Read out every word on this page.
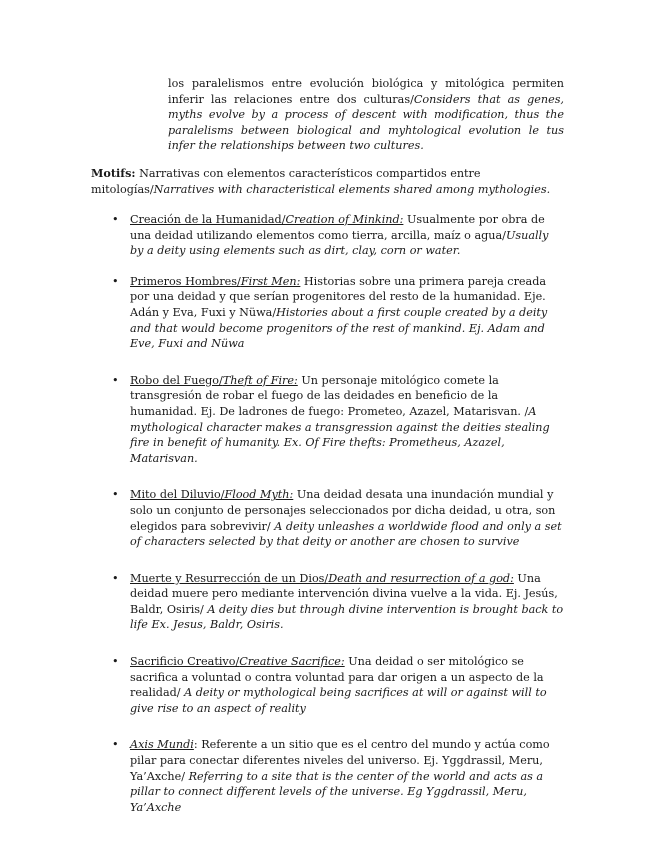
los paralelismos entre evolución biológica y mitológica permiten inferir las relaciones entre dos culturas/Considers that as genes, myths evolve by a process of descent with modification, thus the paralelisms between biological and myhtological evolution le tus infer the relationships between two cultures.

Motifs: Narrativas con elementos característicos compartidos entre mitologías/Narratives with characteristical elements shared among mythologies.

• Creación de la Humanidad/Creation of Minkind: Usualmente por obra de una deidad utilizando elementos como tierra, arcilla, maíz o agua/Usually by a deity using elements such as dirt, clay, corn or water.
• Primeros Hombres/First Men: Historias sobre una primera pareja creada por una deidad y que serían progenitores del resto de la humanidad. Eje. Adán y Eva, Fuxi y Nüwa/Histories about a first couple created by a deity and that would become progenitors of the rest of mankind. Ej. Adam and Eve, Fuxi and Nüwa
• Robo del Fuego/Theft of Fire: Un personaje mitológico comete la transgresión de robar el fuego de las deidades en beneficio de la humanidad. Ej. De ladrones de fuego: Prometeo, Azazel, Matarisvan. /A mythological character makes a transgression against the deities stealing fire in benefit of humanity. Ex. Of Fire thefts: Prometheus, Azazel, Matarisvan.
• Mito del Diluvio/Flood Myth: Una deidad desata una inundación mundial y solo un conjunto de personajes seleccionados por dicha deidad, u otra, son elegidos para sobrevivir/ A deity unleashes a worldwide flood and only a set of characters selected by that deity or another are chosen to survive
• Muerte y Resurrección de un Dios/Death and resurrection of a god: Una deidad muere pero mediante intervención divina vuelve a la vida. Ej. Jesús, Baldr, Osiris/ A deity dies but through divine intervention is brought back to life Ex. Jesus, Baldr, Osiris.
• Sacrificio Creativo/Creative Sacrifice: Una deidad o ser mitológico se sacrifica a voluntad o contra voluntad para dar origen a un aspecto de la realidad/ A deity or mythological being sacrifices at will or against will to give rise to an aspect of reality
• Axis Mundi: Referente a un sitio que es el centro del mundo y actúa como pilar para conectar diferentes niveles del universo. Ej. Yggdrassil, Meru, Ya’Axche/ Referring to a site that is the center of the world and acts as a pillar to connect different levels of the universe. Eg Yggdrassil, Meru, Ya’Axche
